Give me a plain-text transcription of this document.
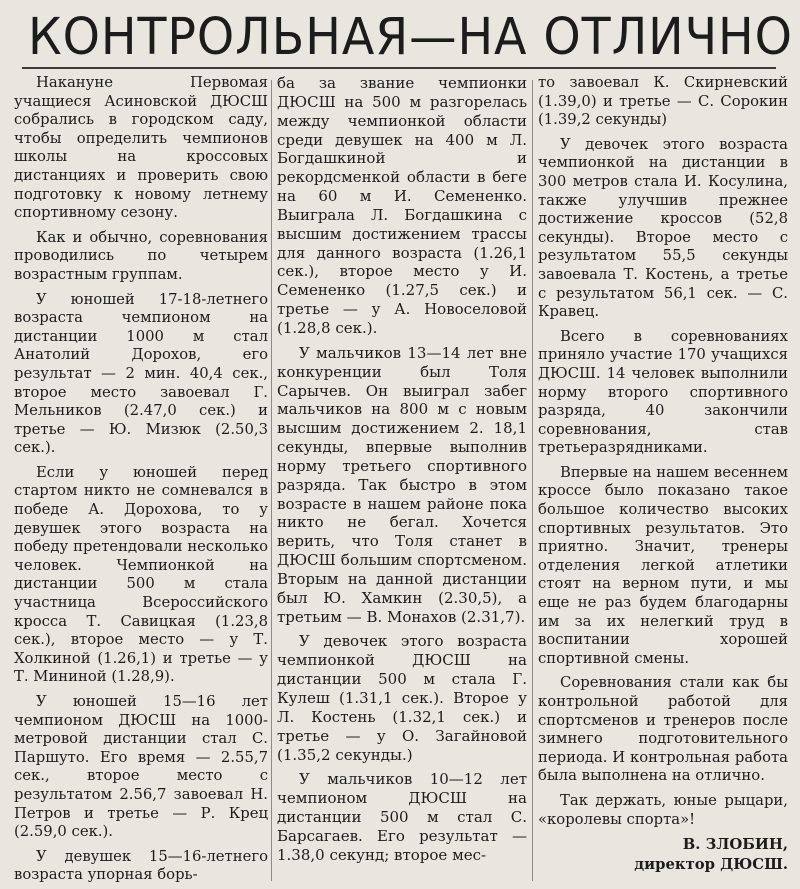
КОНТРОЛЬНАЯ—НА ОТЛИЧНО

Накануне Первомая учащиеся Асиновской ДЮСШ собрались в городском саду, чтобы определить чемпионов школы на кроссовых дистанциях и проверить свою подготовку к новому летнему спортивному сезону.

Как и обычно, соревнования проводились по четырем возрастным группам.

У юношей 17-18-летнего возраста чемпионом на дистанции 1000 м стал Анатолий Дорохов, его результат — 2 мин. 40,4 сек., второе место завоевал Г. Мельников (2.47,0 сек.) и третье — Ю. Мизюк (2.50,3 сек.).

Если у юношей перед стартом никто не сомневался в победе А. Дорохова, то у девушек этого возраста на победу претендовали несколько человек. Чемпионкой на дистанции 500 м стала участница Всероссийского кросса Т. Савицкая (1.23,8 сек.), второе место — у Т. Холкиной (1.26,1) и третье — у Т. Мининой (1.28,9).

У юношей 15—16 лет чемпионом ДЮСШ на 1000-метровой дистанции стал С. Паршуто. Его время — 2.55,7 сек., второе место с результатом 2.56,7 завоевал Н. Петров и третье — Р. Крец (2.59,0 сек.).

У девушек 15—16-летнего возраста упорная борь-

ба за звание чемпионки ДЮСШ на 500 м разгорелась между чемпионкой области среди девушек на 400 м Л. Богдашкиной и рекордсменкой области в беге на 60 м И. Семененко. Выиграла Л. Богдашкина с высшим достижением трассы для данного возраста (1.26,1 сек.), второе место у И. Семененко (1.27,5 сек.) и третье — у А. Новоселовой (1.28,8 сек.).

У мальчиков 13—14 лет вне конкуренции был Толя Сарычев. Он выиграл забег мальчиков на 800 м с новым высшим достижением 2. 18,1 секунды, впервые выполнив норму третьего спортивного разряда. Так быстро в этом возрасте в нашем районе пока никто не бегал. Хочется верить, что Толя станет в ДЮСШ большим спортсменом. Вторым на данной дистанции был Ю. Хамкин (2.30,5), а третьим — В. Монахов (2.31,7).

У девочек этого возраста чемпионкой ДЮСШ на дистанции 500 м стала Г. Кулеш (1.31,1 сек.). Второе у Л. Костень (1.32,1 сек.) и третье — у О. Загайновой (1.35,2 секунды.)

У мальчиков 10—12 лет чемпионом ДЮСШ на дистанции 500 м стал С. Барсагаев. Его результат — 1.38,0 секунд; второе мес-

то завоевал К. Скирневский (1.39,0) и третье — С. Сорокин (1.39,2 секунды)

У девочек этого возраста чемпионкой на дистанции в 300 метров стала И. Косулина, также улучшив прежнее достижение кроссов (52,8 секунды). Второе место с результатом 55,5 секунды завоевала Т. Костень, а третье с результатом 56,1 сек. — С. Кравец.

Всего в соревнованиях приняло участие 170 учащихся ДЮСШ. 14 человек выполнили норму второго спортивного разряда, 40 закончили соревнования, став третьеразрядниками.

Впервые на нашем весеннем кроссе было показано такое большое количество высоких спортивных результатов. Это приятно. Значит, тренеры отделения легкой атлетики стоят на верном пути, и мы еще не раз будем благодарны им за их нелегкий труд в воспитании хорошей спортивной смены.

Соревнования стали как бы контрольной работой для спортсменов и тренеров после зимнего подготовительного периода. И контрольная работа была выполнена на отлично.

Так держать, юные рыцари, «королевы спорта»!

В. ЗЛОБИН,
директор ДЮСШ.
